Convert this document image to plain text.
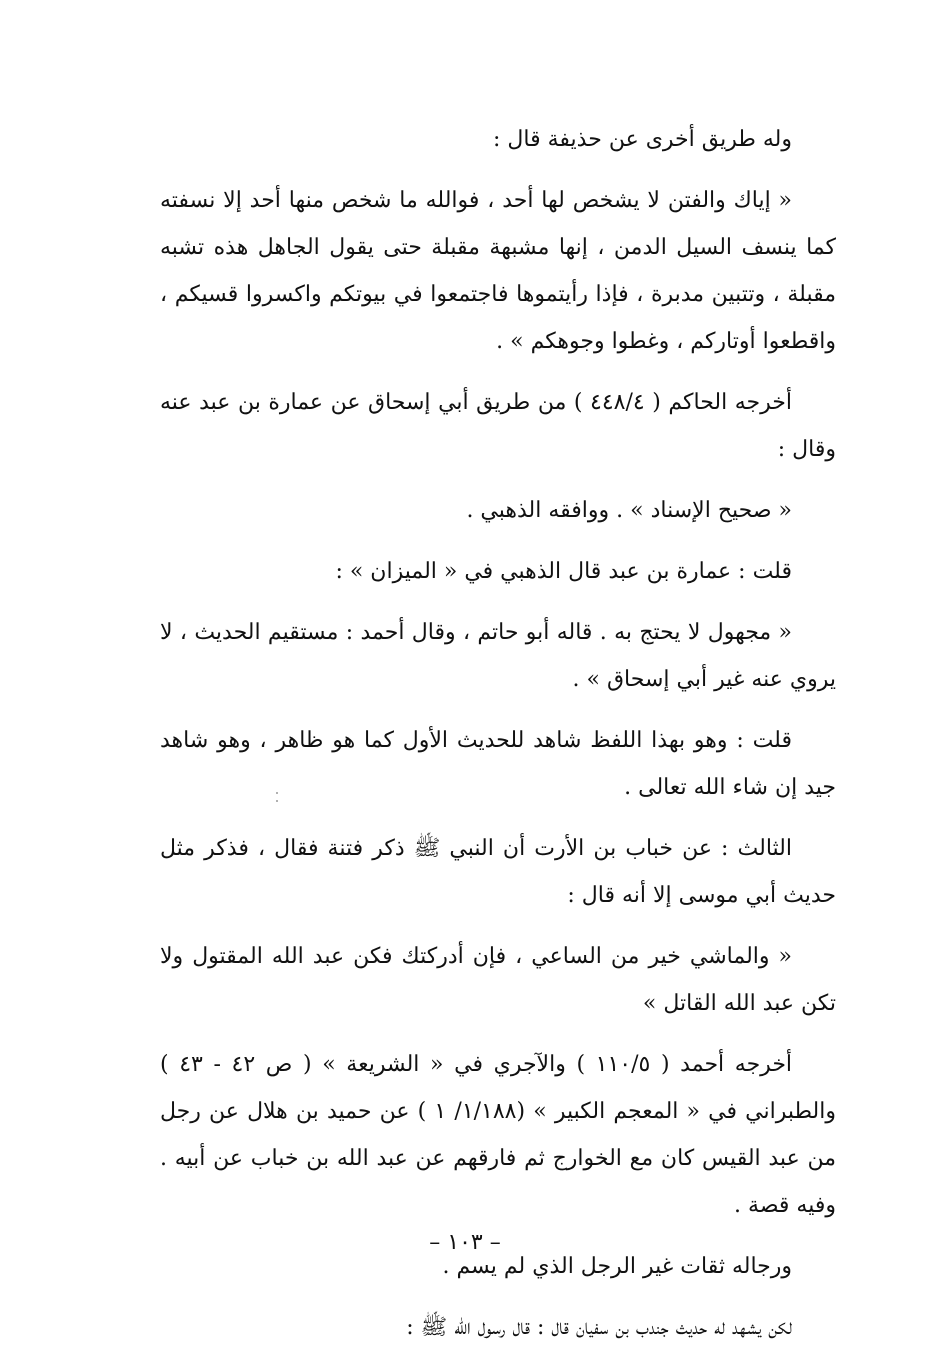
وله طريق أخرى عن حذيفة قال :

« إياك والفتن لا يشخص لها أحد ، فوالله ما شخص منها أحد إلا نسفته كما ينسف السيل الدمن ، إنها مشبهة مقبلة حتى يقول الجاهل هذه تشبه مقبلة ، وتتبين مدبرة ، فإذا رأيتموها فاجتمعوا في بيوتكم واكسروا قسيكم ، واقطعوا أوتاركم ، وغطوا وجوهكم » .

أخرجه الحاكم ( ٤٤٨/٤ ) من طريق أبي إسحاق عن عمارة بن عبد عنه وقال :

« صحيح الإسناد » . ووافقه الذهبي .

قلت : عمارة بن عبد قال الذهبي في « الميزان » :

« مجهول لا يحتج به . قاله أبو حاتم ، وقال أحمد : مستقيم الحديث ، لا يروي عنه غير أبي إسحاق » .

قلت : وهو بهذا اللفظ شاهد للحديث الأول كما هو ظاهر ، وهو شاهد جيد إن شاء الله تعالى .

الثالث : عن خباب بن الأرت أن النبي ﷺ ذكر فتنة فقال ، فذكر مثل حديث أبي موسى إلا أنه قال :

« والماشي خير من الساعي ، فإن أدركتك فكن عبد الله المقتول ولا تكن عبد الله القاتل »

أخرجه أحمد ( ١١٠/٥ ) والآجري في « الشريعة » ( ص ٤٢ - ٤٣ ) والطبراني في « المعجم الكبير » (١/١٨٨/ ١ ) عن حميد بن هلال عن رجل من عبد القيس كان مع الخوارج ثم فارقهم عن عبد الله بن خباب عن أبيه . وفيه قصة .

ورجاله ثقات غير الرجل الذي لم يسم .

لكن يشهد له حديث جندب بن سفيان قال : قال رسول الله ﷺ :

– ١٠٣ –
